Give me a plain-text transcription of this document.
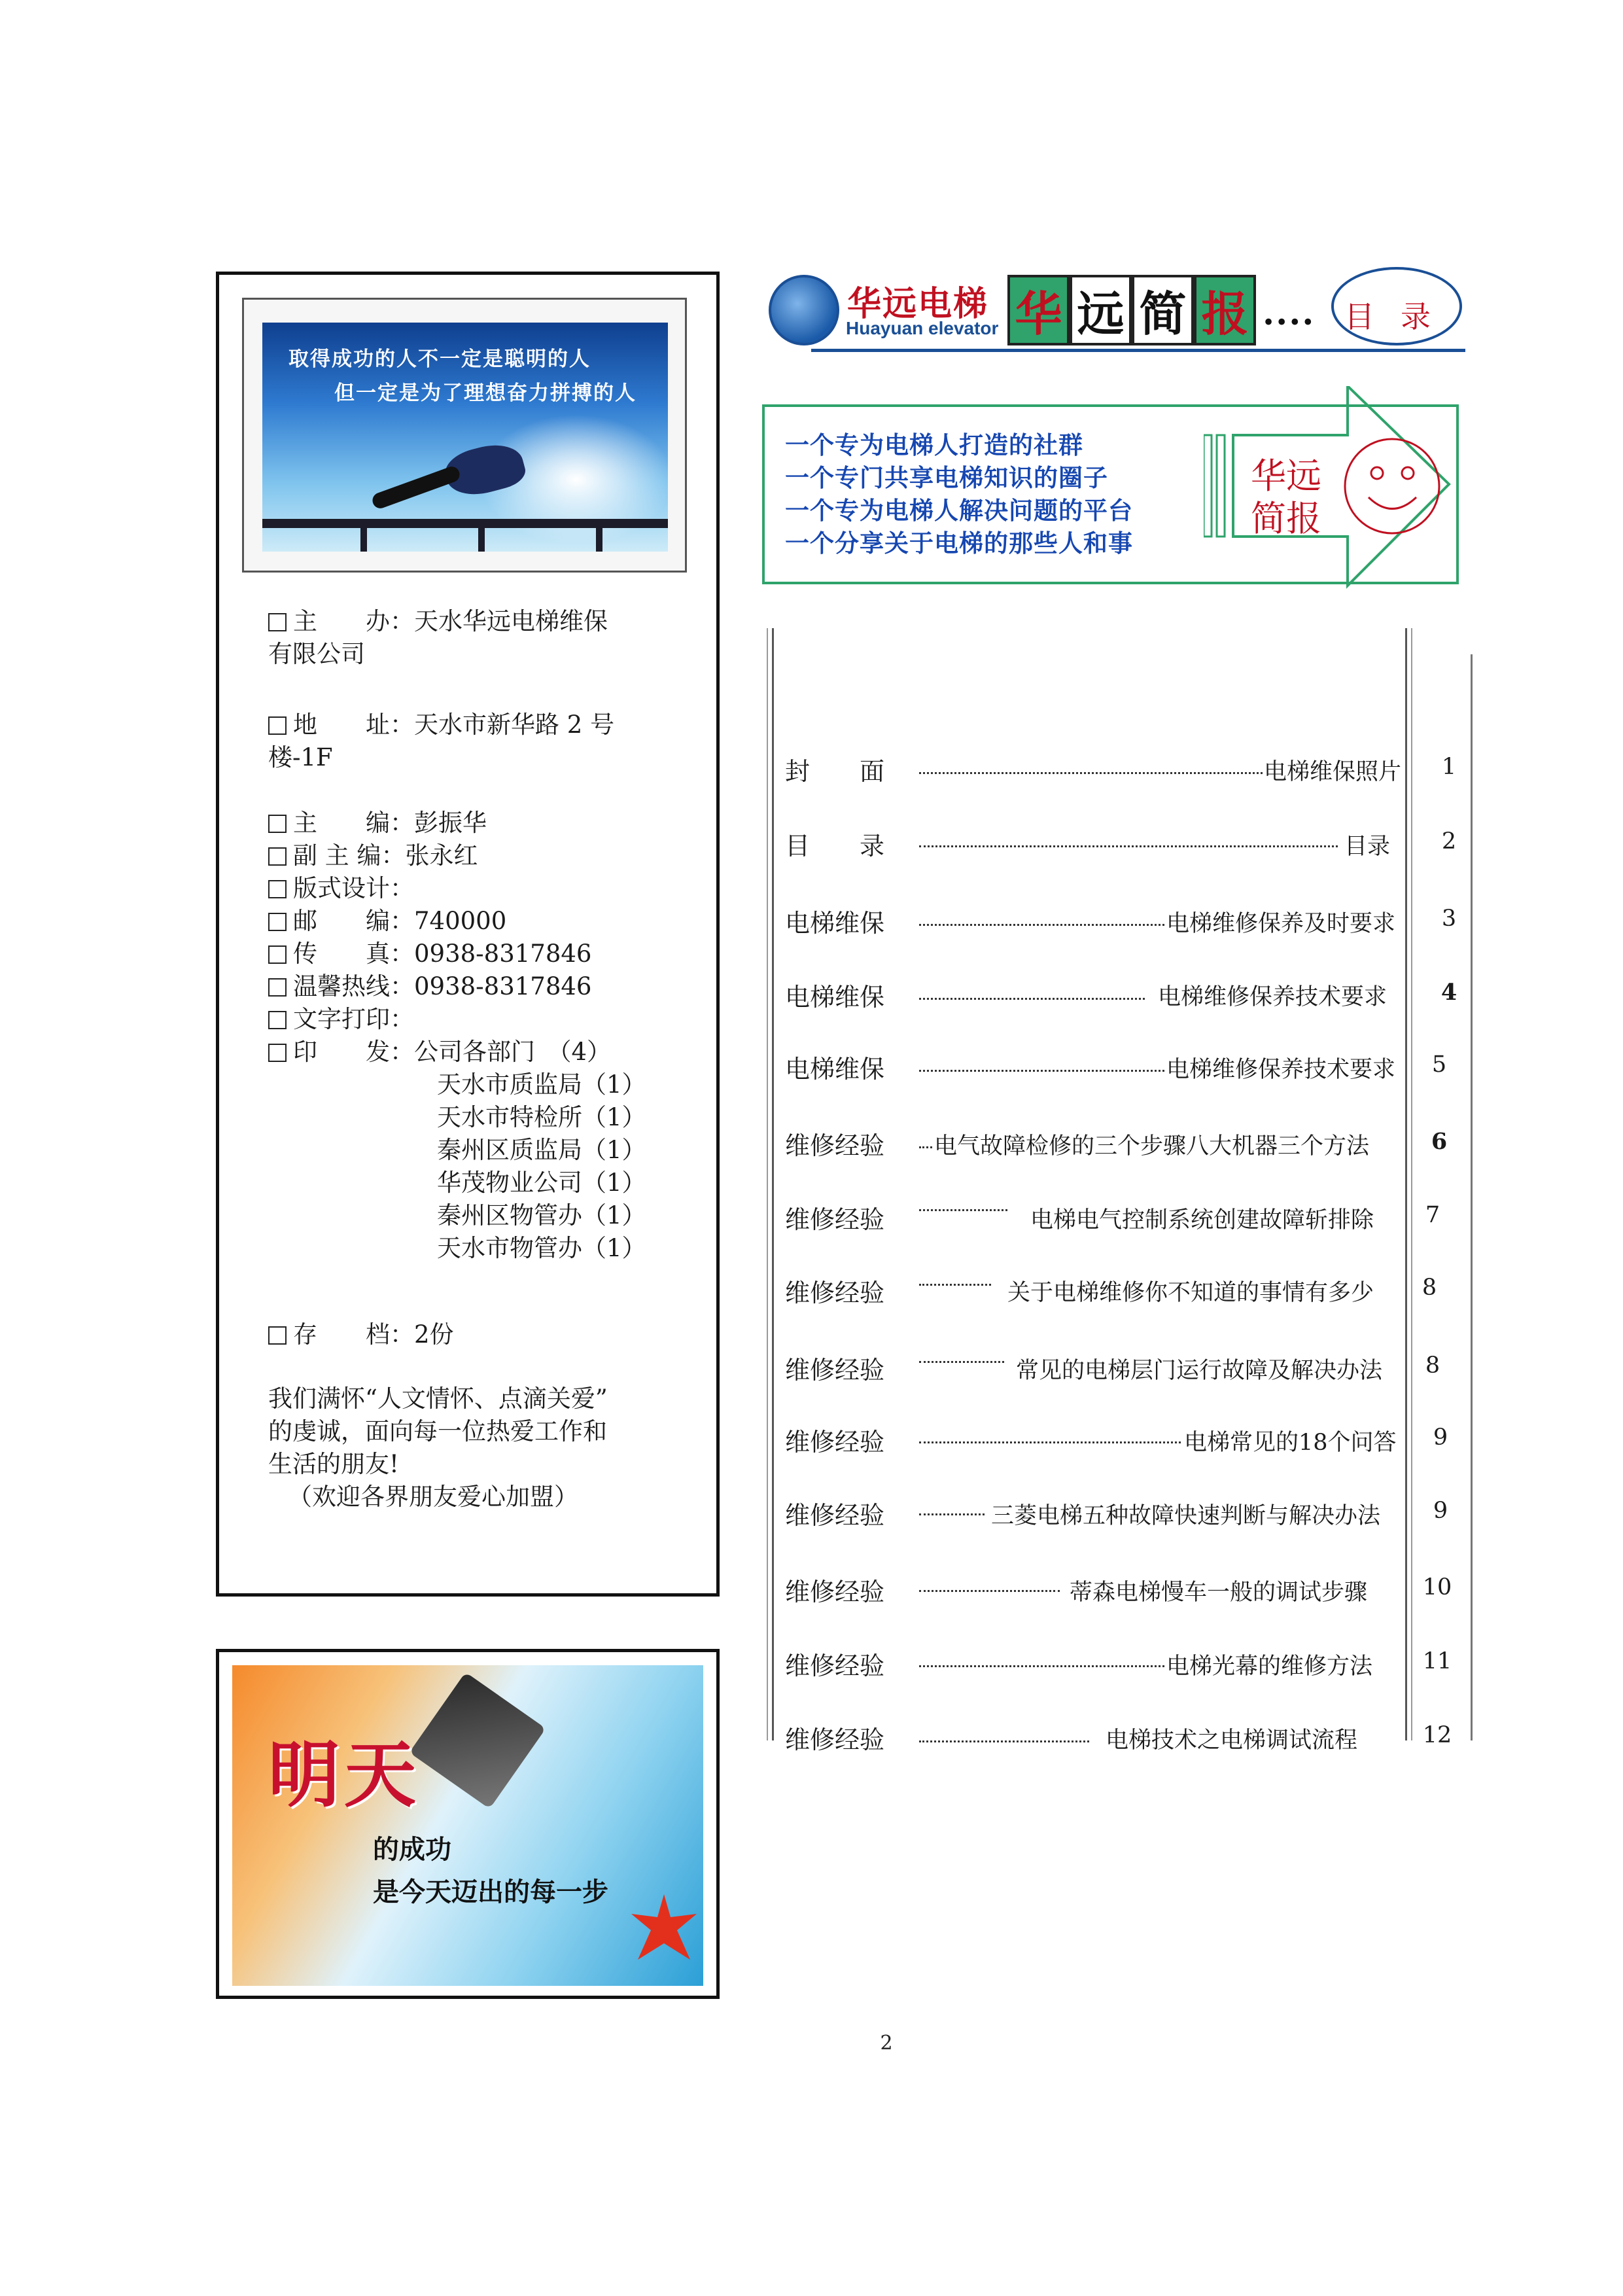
取得成功的人不一定是聪明的人
但一定是为了理想奋力拼搏的人
主　　办：天水华远电梯维保
有限公司
地　　址：天水市新华路 2 号
楼-1F
主　　编：彭振华
副 主 编：张永红
版式设计：
邮　　编：740000
传　　真：0938-8317846
温馨热线：0938-8317846
文字打印：
印　　发：公司各部门　（4）
天水市质监局（1）
天水市特检所（1）
秦州区质监局（1）
华茂物业公司（1）
秦州区物管办（1）
天水市物管办（1）
存　　档：2份
我们满怀“人文情怀、点滴关爱”
的虔诚，面向每一位热爱工作和
生活的朋友!
（欢迎各界朋友爱心加盟）
明天
的成功
是今天迈出的每一步
华远电梯
Huayuan elevator 华 远 简 报 .... 目录
一个专为电梯人打造的社群
一个专门共享电梯知识的圈子
一个专为电梯人解决问题的平台
一个分享关于电梯的那些人和事
华远
简报
封　　面	电梯维保照片	1
目　　录	目录	2
电梯维保	电梯维修保养及时要求	3
电梯维保	电梯维修保养技术要求	4
电梯维保	电梯维修保养技术要求	5
维修经验 电气故障检修的三个步骤八大机器三个方法	6
维修经验	电梯电气控制系统创建故障斩排除	7
维修经验	关于电梯维修你不知道的事情有多少	8
维修经验	常见的电梯层门运行故障及解决办法	8
维修经验	电梯常见的18个问答	9
维修经验	三菱电梯五种故障快速判断与解决办法	9
维修经验	蒂森电梯慢车一般的调试步骤 10
维修经验	电梯光幕的维修方法 11
维修经验	电梯技术之电梯调试流程	12
2
